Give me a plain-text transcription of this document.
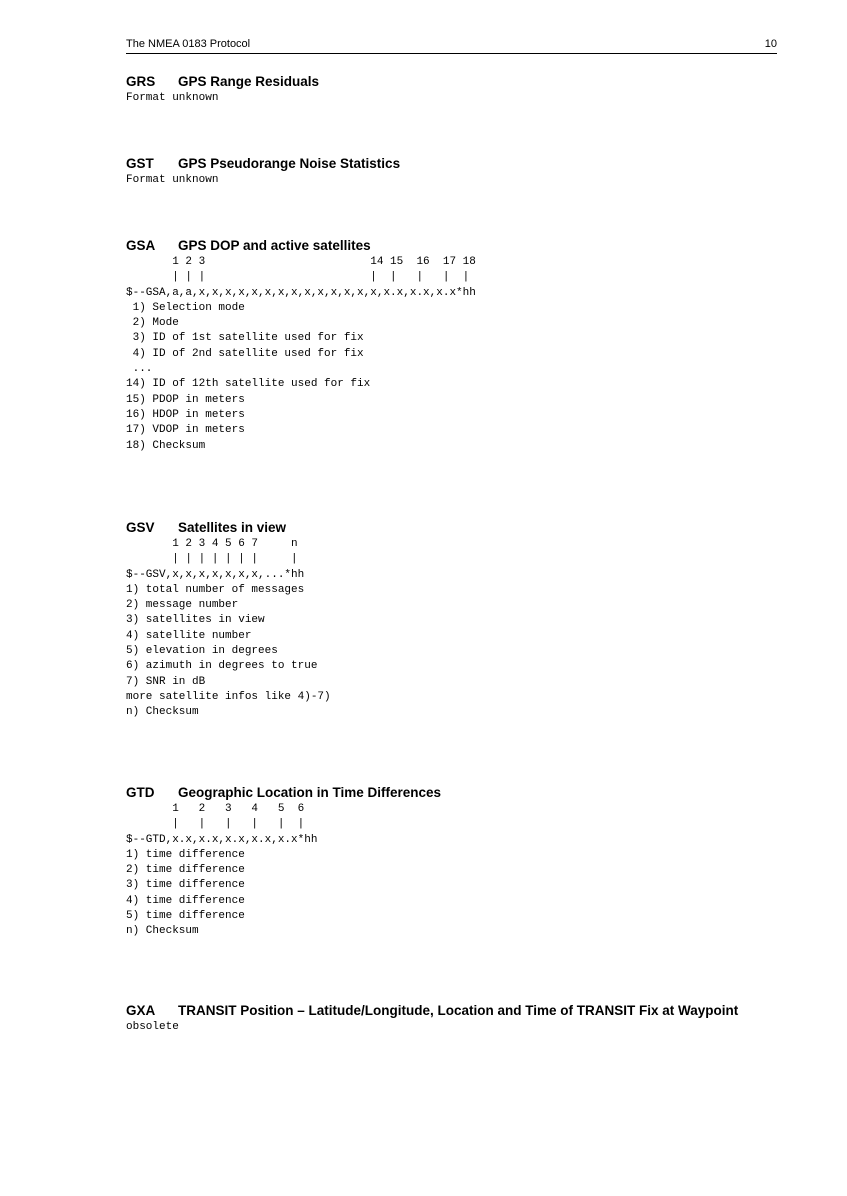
The NMEA 0183 Protocol	10
GRS GPS Range Residuals
Format unknown
GST GPS Pseudorange Noise Statistics
Format unknown
GSA GPS DOP and active satellites
1 2 3                         14 15  16  17 18
| | |                         |  |   |   |  |
$--GSA,a,a,x,x,x,x,x,x,x,x,x,x,x,x,x,x,x.x,x.x,x.x*hh
1) Selection mode
2) Mode
3) ID of 1st satellite used for fix
4) ID of 2nd satellite used for fix
...
14) ID of 12th satellite used for fix
15) PDOP in meters
16) HDOP in meters
17) VDOP in meters
18) Checksum
GSV Satellites in view
1 2 3 4 5 6 7     n
| | | | | | |     |
$--GSV,x,x,x,x,x,x,x,...*hh
1) total number of messages
2) message number
3) satellites in view
4) satellite number
5) elevation in degrees
6) azimuth in degrees to true
7) SNR in dB
more satellite infos like 4)-7)
n) Checksum
GTD Geographic Location in Time Differences
1   2   3   4   5  6
|   |   |   |   |  |
$--GTD,x.x,x.x,x.x,x.x,x.x*hh
1) time difference
2) time difference
3) time difference
4) time difference
5) time difference
n) Checksum
GXA TRANSIT Position – Latitude/Longitude, Location and Time of TRANSIT Fix at Waypoint
obsolete
